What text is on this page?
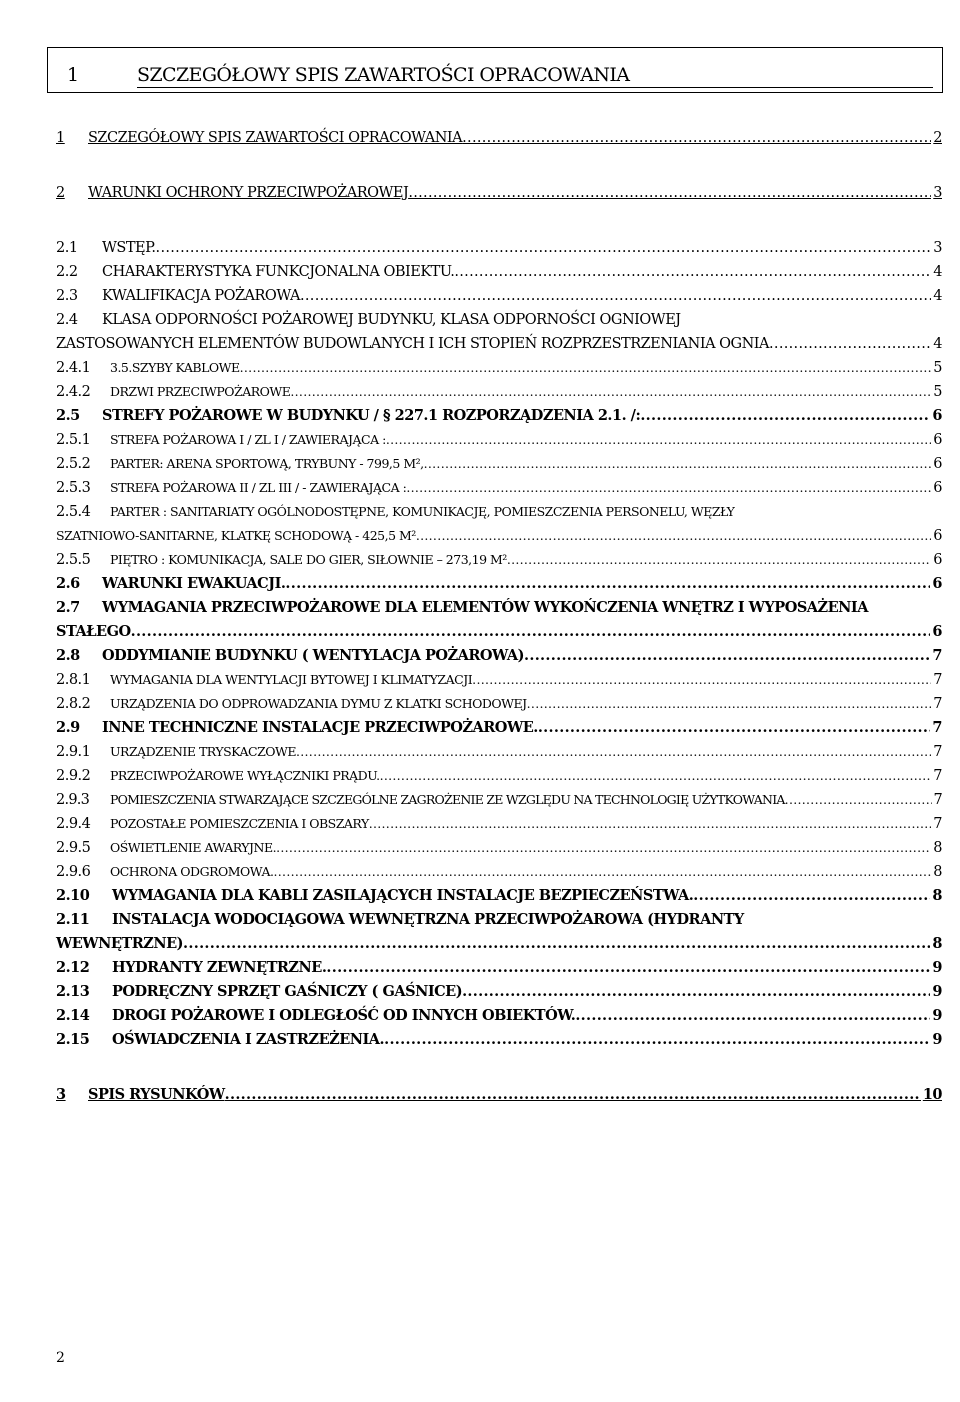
1	SZCZEGÓŁOWY SPIS ZAWARTOŚCI OPRACOWANIA
1	SZCZEGÓŁOWY SPIS ZAWARTOŚCI OPRACOWANIA .....	2
2	WARUNKI OCHRONY PRZECIWPOŻAROWEJ .....	3
2.1	WSTĘP. .....	3
2.2	CHARAKTERYSTYKA FUNKCJONALNA OBIEKTU. .....	4
2.3	KWALIFIKACJA POŻAROWA .....	4
2.4	KLASA ODPORNOŚCI POŻAROWEJ BUDYNKU, KLASA ODPORNOŚCI OGNIOWEJ
ZASTOSOWANYCH ELEMENTÓW BUDOWLANYCH I ICH STOPIEŃ ROZPRZESTRZENIANIA OGNIA .....	4
2.4.1	3.5.SZYBY KABLOWE .....	5
2.4.2	DRZWI PRZECIWPOŻAROWE .....	5
2.5	STREFY POŻAROWE W BUDYNKU / § 227.1 ROZPORZĄDZENIA 2.1. /: .....	6
2.5.1	STREFA POŻAROWA I / ZL I / ZAWIERAJĄCA : .....	6
2.5.2	PARTER: ARENA SPORTOWĄ, TRYBUNY - 799,5 M², .....	6
2.5.3	STREFA POŻAROWA II / ZL III / - ZAWIERAJĄCA : .....	6
2.5.4	PARTER : SANITARIATY OGÓLNODOSTĘPNE, KOMUNIKACJĘ, POMIESZCZENIA PERSONELU, WĘZŁY
SZATNIOWO-SANITARNE, KLATKĘ SCHODOWĄ - 425,5 M² .....	6
2.5.5	PIĘTRO : KOMUNIKACJA, SALE DO GIER, SIŁOWNIE – 273,19 M² .....	6
2.6	WARUNKI EWAKUACJI. .....	6
2.7	WYMAGANIA PRZECIWPOŻAROWE DLA ELEMENTÓW WYKOŃCZENIA WNĘTRZ I WYPOSAŻENIA
STAŁEGO .....	6
2.8	ODDYMIANIE BUDYNKU ( WENTYLACJA POŻAROWA) .....	7
2.8.1	WYMAGANIA DLA WENTYLACJI BYTOWEJ I KLIMATYZACJI .....	7
2.8.2	URZĄDZENIA DO ODPROWADZANIA DYMU Z KLATKI SCHODOWEJ .....	7
2.9	INNE TECHNICZNE INSTALACJE PRZECIWPOŻAROWE. .....	7
2.9.1	URZĄDZENIE TRYSKACZOWE .....	7
2.9.2	PRZECIWPOŻAROWE WYŁĄCZNIKI PRĄDU. .....	7
2.9.3	POMIESZCZENIA STWARZAJĄCE SZCZEGÓLNE ZAGROŻENIE ZE WZGLĘDU NA TECHNOLOGIĘ UŻYTKOWANIA .....	7
2.9.4	POZOSTAŁE POMIESZCZENIA I OBSZARY .....	7
2.9.5	OŚWIETLENIE AWARYJNE. .....	8
2.9.6	OCHRONA ODGROMOWA. .....	8
2.10	WYMAGANIA DLA KABLI ZASILAJĄCYCH INSTALACJE BEZPIECZEŃSTWA. .....	8
2.11	INSTALACJA WODOCIĄGOWA WEWNĘTRZNA PRZECIWPOŻAROWA (HYDRANTY
WEWNĘTRZNE) .....	8
2.12	HYDRANTY ZEWNĘTRZNE. .....	9
2.13	PODRĘCZNY SPRZĘT GAŚNICZY ( GAŚNICE) .....	9
2.14	DROGI POŻAROWE I ODLEGŁOŚĆ OD INNYCH OBIEKTÓW. .....	9
2.15	OŚWIADCZENIA I ZASTRZEŻENIA. .....	9
3	SPIS RYSUNKÓW .....	10
2
